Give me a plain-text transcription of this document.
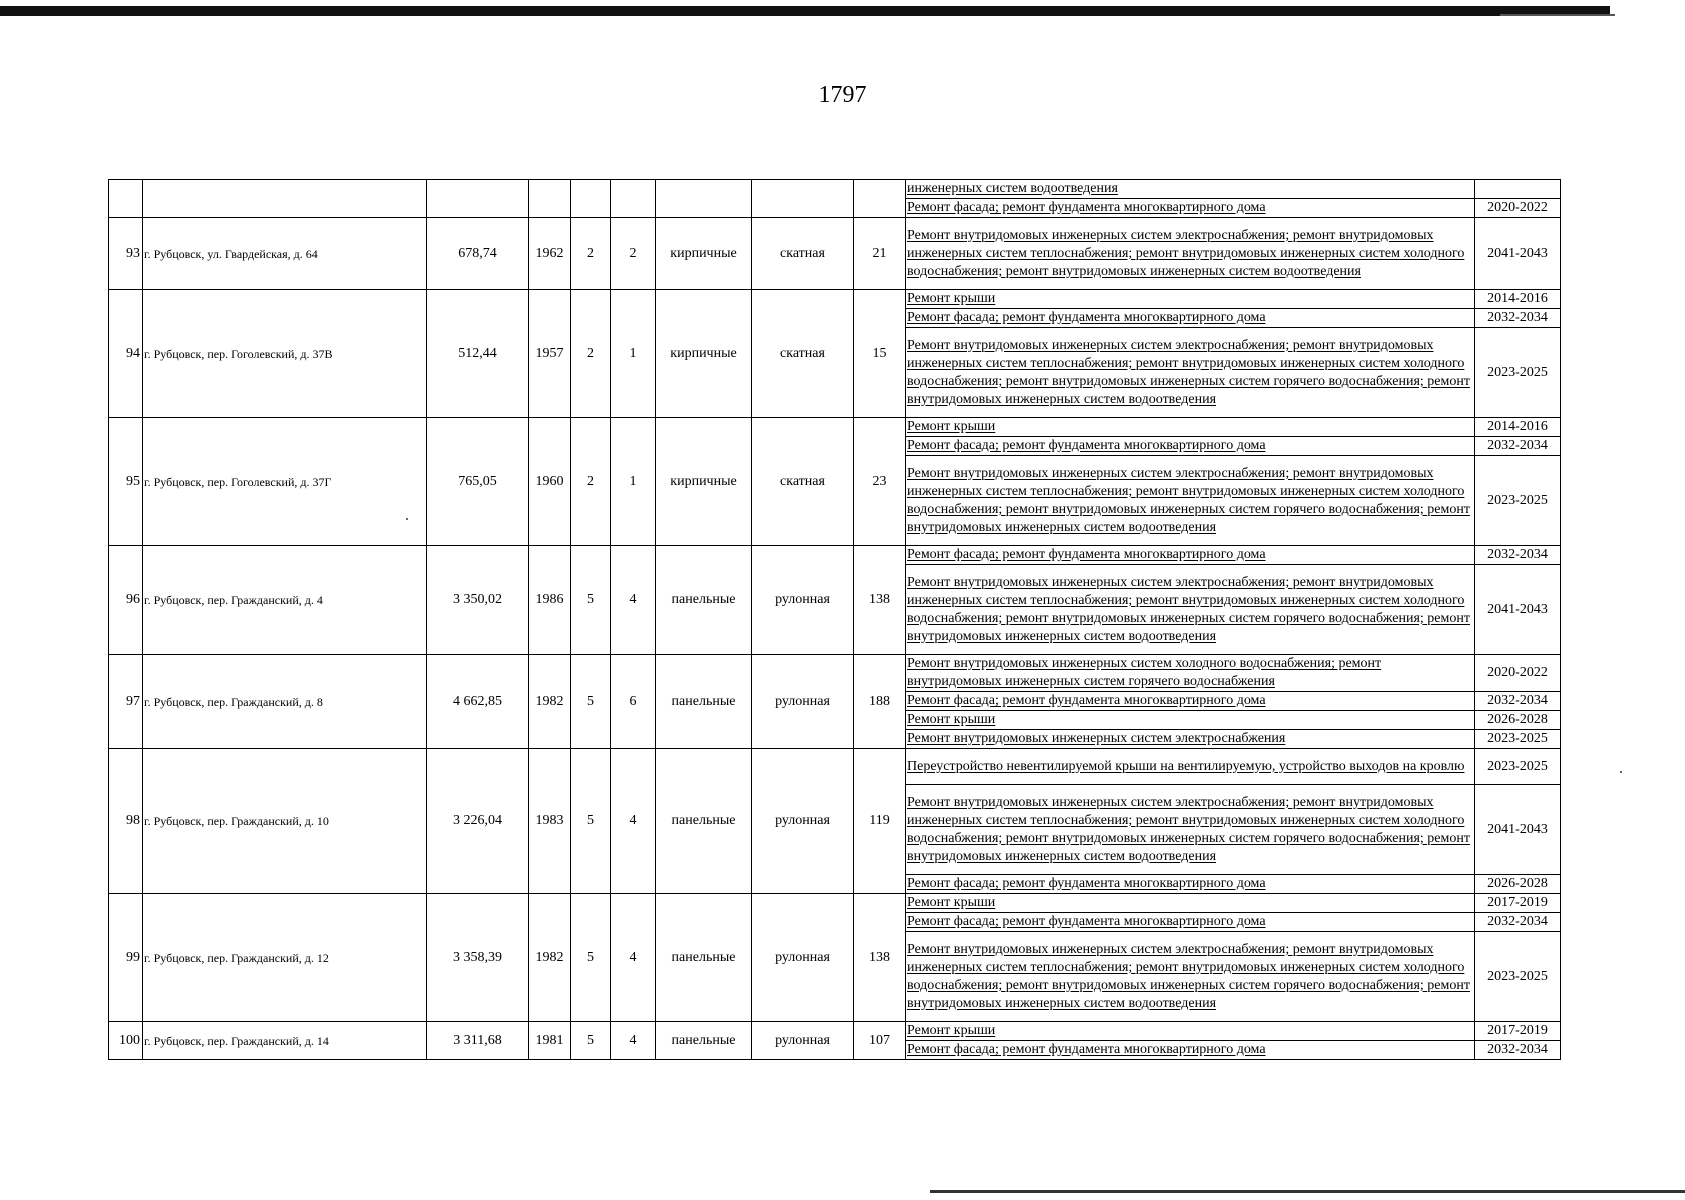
1797
									инженерных систем водоотведения	
									Ремонт фасада; ремонт фундамента многоквартирного дома	2020-2022
93	г. Рубцовск, ул. Гвардейская, д. 64	678,74	1962	2	2	кирпичные	скатная	21	Ремонт внутридомовых инженерных систем электроснабжения; ремонт внутридомовых инженерных систем теплоснабжения; ремонт внутридомовых инженерных систем холодного водоснабжения; ремонт внутридомовых инженерных систем водоотведения	2041-2043
94	г. Рубцовск, пер. Гоголевский, д. 37В	512,44	1957	2	1	кирпичные	скатная	15	Ремонт крыши	2014-2016
									Ремонт фасада; ремонт фундамента многоквартирного дома	2032-2034
									Ремонт внутридомовых инженерных систем электроснабжения; ремонт внутридомовых инженерных систем теплоснабжения; ремонт внутридомовых инженерных систем холодного водоснабжения; ремонт внутридомовых инженерных систем горячего водоснабжения; ремонт внутридомовых инженерных систем водоотведения	2023-2025
95	г. Рубцовск, пер. Гоголевский, д. 37Г	765,05	1960	2	1	кирпичные	скатная	23	Ремонт крыши	2014-2016
									Ремонт фасада; ремонт фундамента многоквартирного дома	2032-2034
									Ремонт внутридомовых инженерных систем электроснабжения; ремонт внутридомовых инженерных систем теплоснабжения; ремонт внутридомовых инженерных систем холодного водоснабжения; ремонт внутридомовых инженерных систем горячего водоснабжения; ремонт внутридомовых инженерных систем водоотведения	2023-2025
96	г. Рубцовск, пер. Гражданский, д. 4	3 350,02	1986	5	4	панельные	рулонная	138	Ремонт фасада; ремонт фундамента многоквартирного дома	2032-2034
									Ремонт внутридомовых инженерных систем электроснабжения; ремонт внутридомовых инженерных систем теплоснабжения; ремонт внутридомовых инженерных систем холодного водоснабжения; ремонт внутридомовых инженерных систем горячего водоснабжения; ремонт внутридомовых инженерных систем водоотведения	2041-2043
97	г. Рубцовск, пер. Гражданский, д. 8	4 662,85	1982	5	6	панельные	рулонная	188	Ремонт внутридомовых инженерных систем холодного водоснабжения; ремонт внутридомовых инженерных систем горячего водоснабжения	2020-2022
									Ремонт фасада; ремонт фундамента многоквартирного дома	2032-2034
									Ремонт крыши	2026-2028
									Ремонт внутридомовых инженерных систем электроснабжения	2023-2025
98	г. Рубцовск, пер. Гражданский, д. 10	3 226,04	1983	5	4	панельные	рулонная	119	Переустройство невентилируемой крыши на вентилируемую, устройство выходов на кровлю	2023-2025
									Ремонт внутридомовых инженерных систем электроснабжения; ремонт внутридомовых инженерных систем теплоснабжения; ремонт внутридомовых инженерных систем холодного водоснабжения; ремонт внутридомовых инженерных систем горячего водоснабжения; ремонт внутридомовых инженерных систем водоотведения	2041-2043
									Ремонт фасада; ремонт фундамента многоквартирного дома	2026-2028
99	г. Рубцовск, пер. Гражданский, д. 12	3 358,39	1982	5	4	панельные	рулонная	138	Ремонт крыши	2017-2019
									Ремонт фасада; ремонт фундамента многоквартирного дома	2032-2034
									Ремонт внутридомовых инженерных систем электроснабжения; ремонт внутридомовых инженерных систем теплоснабжения; ремонт внутридомовых инженерных систем холодного водоснабжения; ремонт внутридомовых инженерных систем горячего водоснабжения; ремонт внутридомовых инженерных систем водоотведения	2023-2025
100	г. Рубцовск, пер. Гражданский, д. 14	3 311,68	1981	5	4	панельные	рулонная	107	Ремонт крыши	2017-2019
									Ремонт фасада; ремонт фундамента многоквартирного дома	2032-2034
